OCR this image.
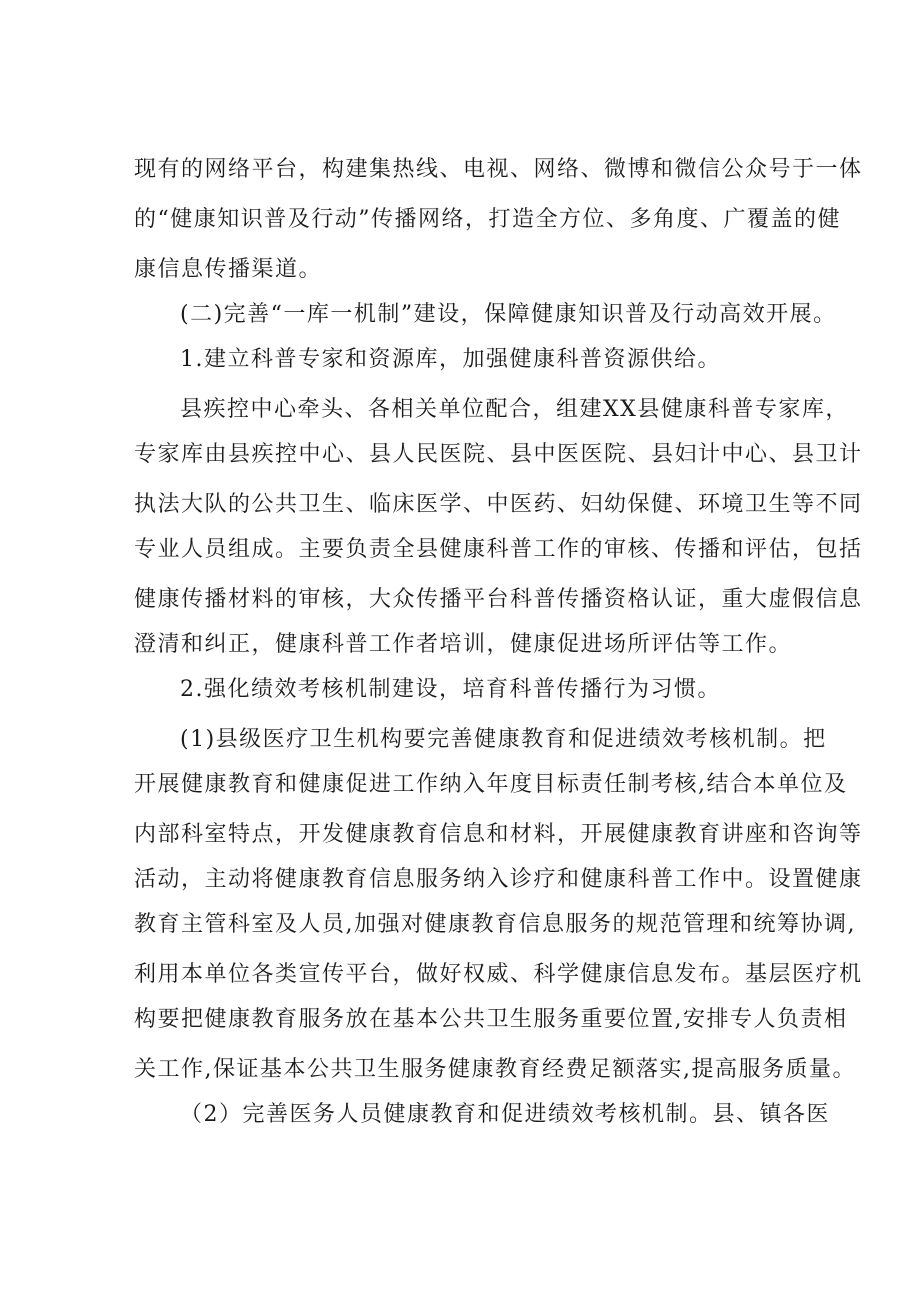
现有的网络平台，构建集热线、电视、网络、微博和微信公众号于一体
的“健康知识普及行动”传播网络，打造全方位、多角度、广覆盖的健
康信息传播渠道。
(二)完善“一库一机制”建设，保障健康知识普及行动高效开展。
1.建立科普专家和资源库，加强健康科普资源供给。
县疾控中心牵头、各相关单位配合，组建XX县健康科普专家库，
专家库由县疾控中心、县人民医院、县中医医院、县妇计中心、县卫计
执法大队的公共卫生、临床医学、中医药、妇幼保健、环境卫生等不同
专业人员组成。主要负责全县健康科普工作的审核、传播和评估，包括
健康传播材料的审核，大众传播平台科普传播资格认证，重大虚假信息
澄清和纠正，健康科普工作者培训，健康促进场所评估等工作。
2.强化绩效考核机制建设，培育科普传播行为习惯。
(1)县级医疗卫生机构要完善健康教育和促进绩效考核机制。把
开展健康教育和健康促进工作纳入年度目标责任制考核,结合本单位及
内部科室特点，开发健康教育信息和材料，开展健康教育讲座和咨询等
活动，主动将健康教育信息服务纳入诊疗和健康科普工作中。设置健康
教育主管科室及人员,加强对健康教育信息服务的规范管理和统筹协调,
利用本单位各类宣传平台，做好权威、科学健康信息发布。基层医疗机
构要把健康教育服务放在基本公共卫生服务重要位置,安排专人负责相
关工作,保证基本公共卫生服务健康教育经费足额落实,提高服务质量。
（2）完善医务人员健康教育和促进绩效考核机制。县、镇各医
